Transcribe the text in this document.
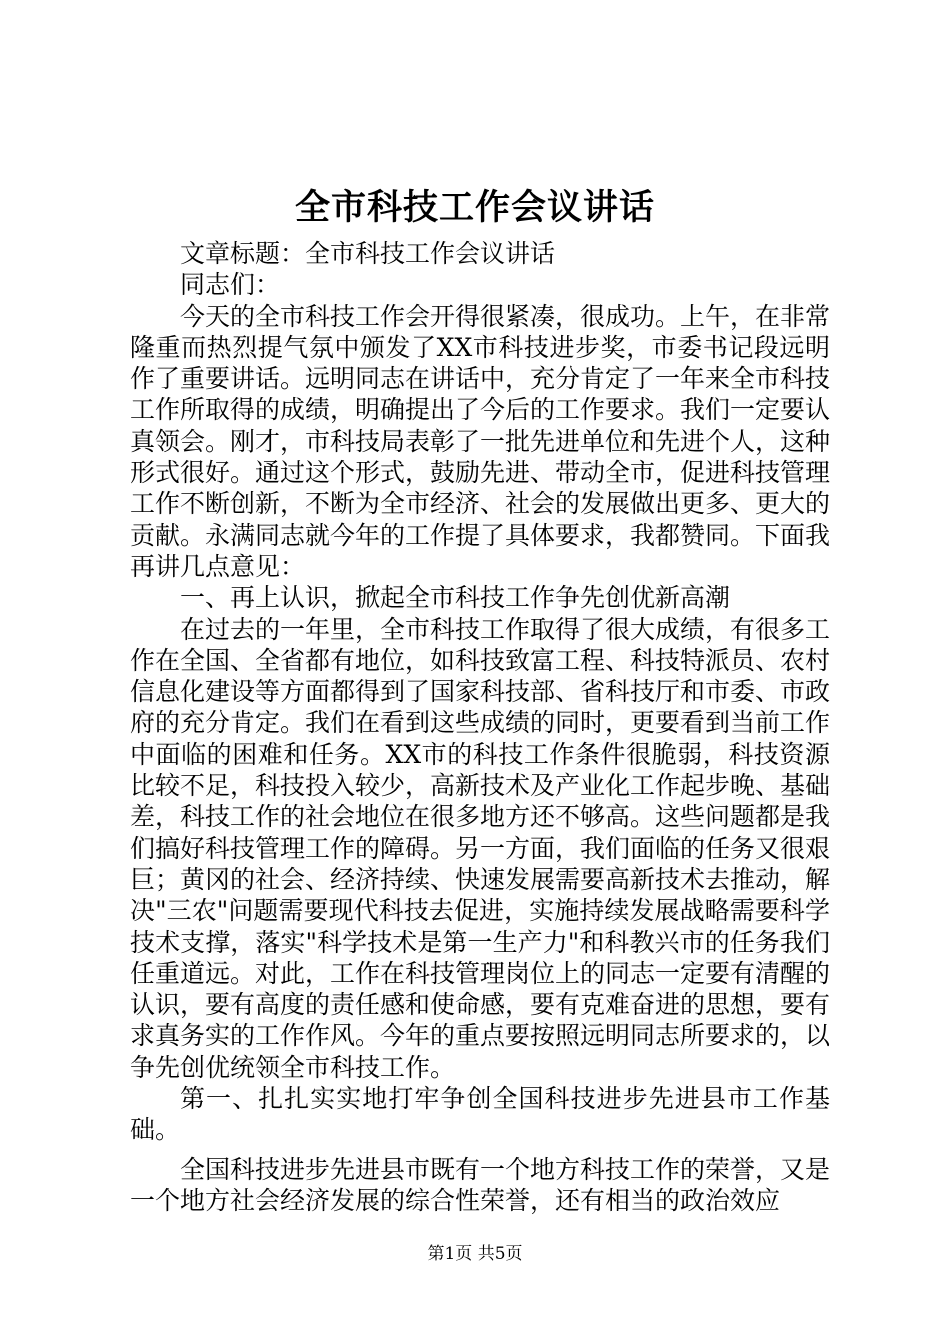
全市科技工作会议讲话

文章标题：全市科技工作会议讲话

同志们：

今天的全市科技工作会开得很紧凑，很成功。上午，在非常隆重而热烈提气氛中颁发了XX市科技进步奖，市委书记段远明作了重要讲话。远明同志在讲话中，充分肯定了一年来全市科技工作所取得的成绩，明确提出了今后的工作要求。我们一定要认真领会。刚才，市科技局表彰了一批先进单位和先进个人，这种形式很好。通过这个形式，鼓励先进、带动全市，促进科技管理工作不断创新，不断为全市经济、社会的发展做出更多、更大的贡献。永满同志就今年的工作提了具体要求，我都赞同。下面我再讲几点意见：

一、再上认识，掀起全市科技工作争先创优新高潮

在过去的一年里，全市科技工作取得了很大成绩，有很多工作在全国、全省都有地位，如科技致富工程、科技特派员、农村信息化建设等方面都得到了国家科技部、省科技厅和市委、市政府的充分肯定。我们在看到这些成绩的同时，更要看到当前工作中面临的困难和任务。XX市的科技工作条件很脆弱，科技资源比较不足，科技投入较少，高新技术及产业化工作起步晚、基础差，科技工作的社会地位在很多地方还不够高。这些问题都是我们搞好科技管理工作的障碍。另一方面，我们面临的任务又很艰巨；黄冈的社会、经济持续、快速发展需要高新技术去推动，解决"三农"问题需要现代科技去促进，实施持续发展战略需要科学技术支撑，落实"科学技术是第一生产力"和科教兴市的任务我们任重道远。对此，工作在科技管理岗位上的同志一定要有清醒的认识，要有高度的责任感和使命感，要有克难奋进的思想，要有求真务实的工作作风。今年的重点要按照远明同志所要求的，以争先创优统领全市科技工作。

第一、扎扎实实地打牢争创全国科技进步先进县市工作基础。

全国科技进步先进县市既有一个地方科技工作的荣誉，又是一个地方社会经济发展的综合性荣誉，还有相当的政治效应

第1页 共5页
